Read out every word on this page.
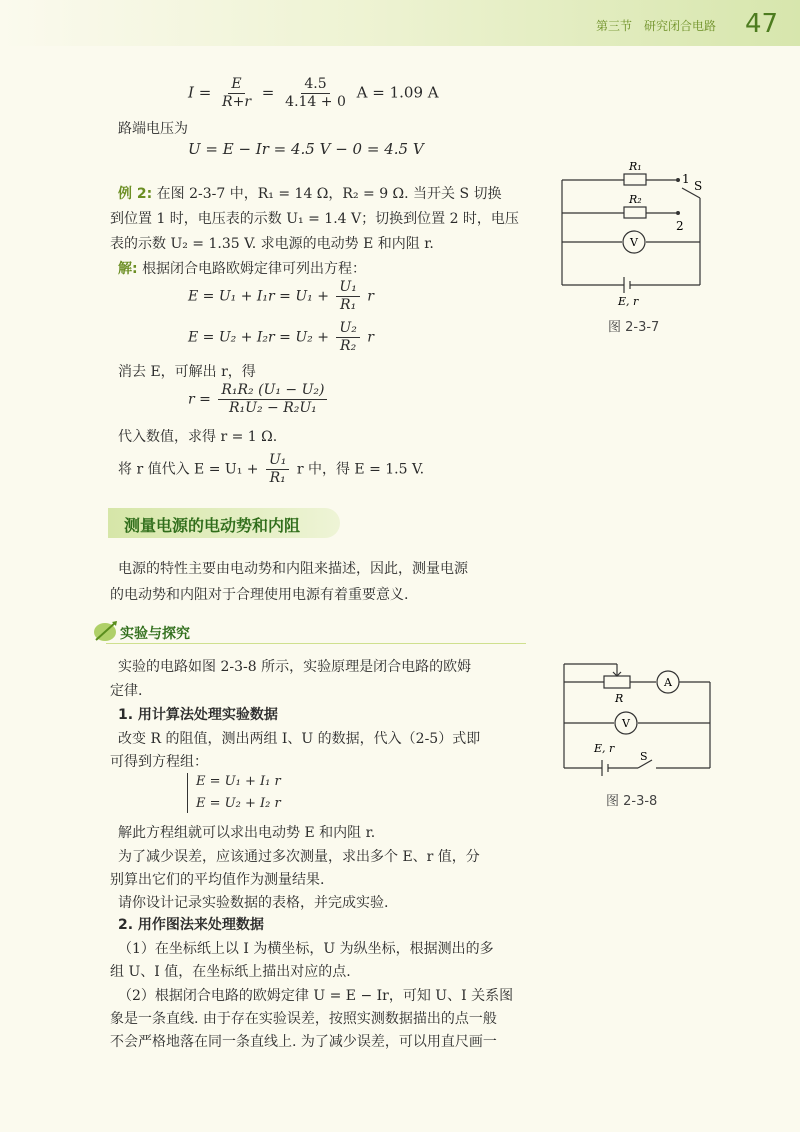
第三节 研究闭合电路 47
$I = \frac{E}{R+r} = \frac{4.5}{4.14 + 0}$ A = 1.09 A
路端电压为
U = E − Ir = 4.5 V − 0 = 4.5 V
例 2: 在图 2-3-7 中，R₁ = 14 Ω，R₂ = 9 Ω. 当开关 S 切换
到位置 1 时，电压表的示数 U₁ = 1.4 V；切换到位置 2 时，电压
表的示数 U₂ = 1.35 V. 求电源的电动势 E 和内阻 r.
解: 根据闭合电路欧姆定律可列出方程：
$E = U_1 + I_1r = U_1 + \frac{\text{U₁}}{\text{R₁}}$ r
$E = U_2 + I_2r = U_2 + \frac{\text{U₂}}{\text{R₂}}$ r
消去 E，可解出 r，得
$r = \frac{\text{R₁R₂ (U₁ − U₂)}}{\text{R₁U₂ − R₂U₁}}$
代入数值，求得 r = 1 Ω.
将 r 值代入 $E = U_1 + \frac{\text{U₁}}{\text{R₁}}$ r 中，得 E = 1.5 V.
测量电源的电动势和内阻
电源的特性主要由电动势和内阻来描述，因此，测量电源
的电动势和内阻对于合理使用电源有着重要意义.
实验与探究
实验的电路如图 2-3-8 所示，实验原理是闭合电路的欧姆
定律.
1. 用计算法处理实验数据
改变 R 的阻值，测出两组 I、U 的数据，代入（2-5）式即
可得到方程组：
E = U₁ + I₁ r
E = U₂ + I₂ r
解此方程组就可以求出电动势 E 和内阻 r.
为了减少误差，应该通过多次测量，求出多个 E、r 值，分
别算出它们的平均值作为测量结果.
请你设计记录实验数据的表格，并完成实验.
2. 用作图法来处理数据
（1）在坐标纸上以 I 为横坐标，U 为纵坐标，根据测出的多
组 U、I 值，在坐标纸上描出对应的点.
（2）根据闭合电路的欧姆定律 U = E − Ir，可知 U、I 关系图
象是一条直线. 由于存在实验误差，按照实测数据描出的点一般
不会严格地落在同一条直线上. 为了减少误差，可以用直尺画一
R₁
R₂
1 S
2
V
E, r
图 2-3-7
R
A
V
E, r
S
图 2-3-8
